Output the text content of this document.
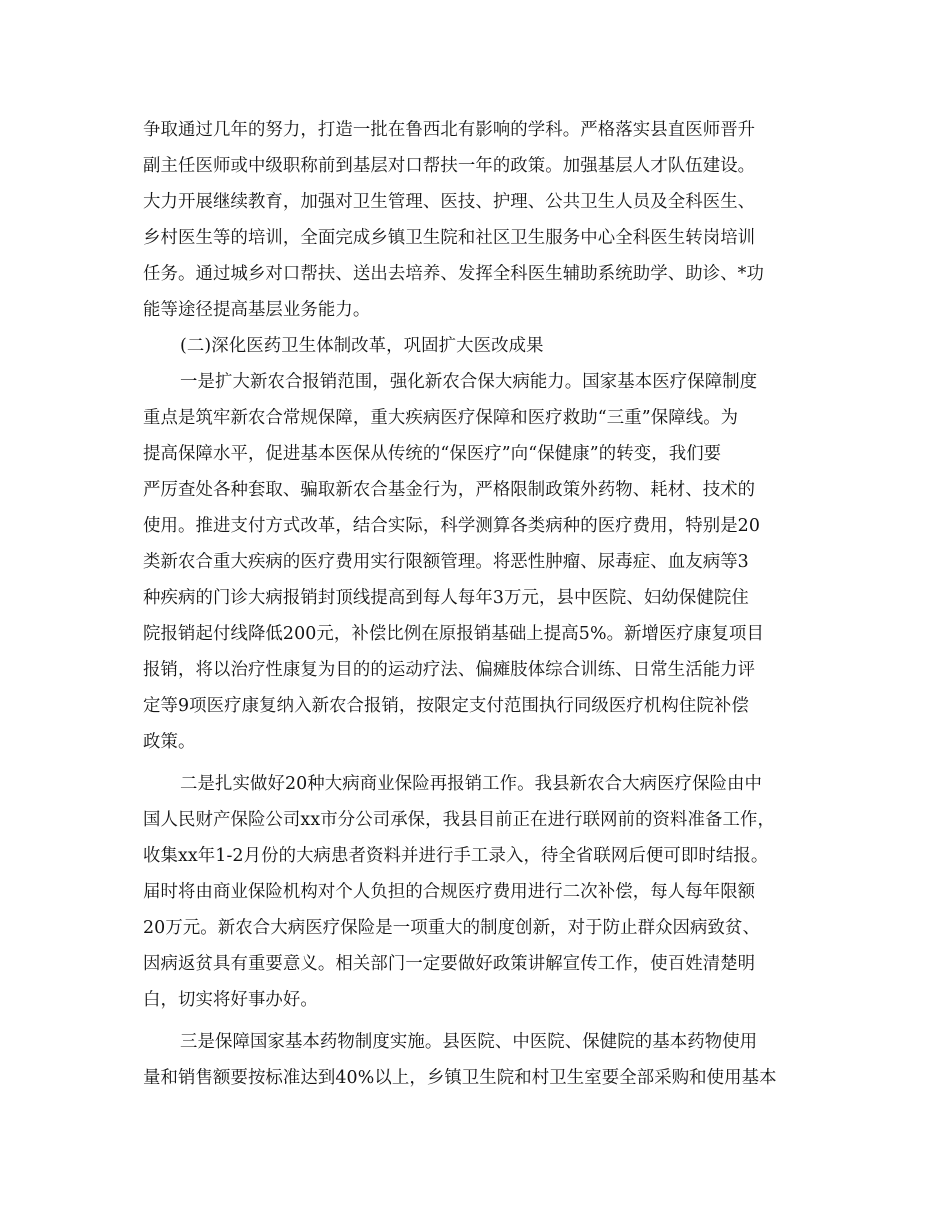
争取通过几年的努力，打造一批在鲁西北有影响的学科。严格落实县直医师晋升

副主任医师或中级职称前到基层对口帮扶一年的政策。加强基层人才队伍建设。

大力开展继续教育，加强对卫生管理、医技、护理、公共卫生人员及全科医生、

乡村医生等的培训，全面完成乡镇卫生院和社区卫生服务中心全科医生转岗培训

任务。通过城乡对口帮扶、送出去培养、发挥全科医生辅助系统助学、助诊、*功

能等途径提高基层业务能力。

(二)深化医药卫生体制改革，巩固扩大医改成果

一是扩大新农合报销范围，强化新农合保大病能力。国家基本医疗保障制度

重点是筑牢新农合常规保障，重大疾病医疗保障和医疗救助“三重”保障线。为

提高保障水平，促进基本医保从传统的“保医疗”向“保健康”的转变，我们要

严厉查处各种套取、骗取新农合基金行为，严格限制政策外药物、耗材、技术的

使用。推进支付方式改革，结合实际，科学测算各类病种的医疗费用，特别是20

类新农合重大疾病的医疗费用实行限额管理。将恶性肿瘤、尿毒症、血友病等3

种疾病的门诊大病报销封顶线提高到每人每年3万元，县中医院、妇幼保健院住

院报销起付线降低200元，补偿比例在原报销基础上提高5%。新增医疗康复项目

报销，将以治疗性康复为目的的运动疗法、偏瘫肢体综合训练、日常生活能力评

定等9项医疗康复纳入新农合报销，按限定支付范围执行同级医疗机构住院补偿

政策。

二是扎实做好20种大病商业保险再报销工作。我县新农合大病医疗保险由中

国人民财产保险公司xx市分公司承保，我县目前正在进行联网前的资料准备工作，

收集xx年1-2月份的大病患者资料并进行手工录入，待全省联网后便可即时结报。

届时将由商业保险机构对个人负担的合规医疗费用进行二次补偿，每人每年限额

20万元。新农合大病医疗保险是一项重大的制度创新，对于防止群众因病致贫、

因病返贫具有重要意义。相关部门一定要做好政策讲解宣传工作，使百姓清楚明

白，切实将好事办好。

三是保障国家基本药物制度实施。县医院、中医院、保健院的基本药物使用

量和销售额要按标准达到40%以上，乡镇卫生院和村卫生室要全部采购和使用基本
